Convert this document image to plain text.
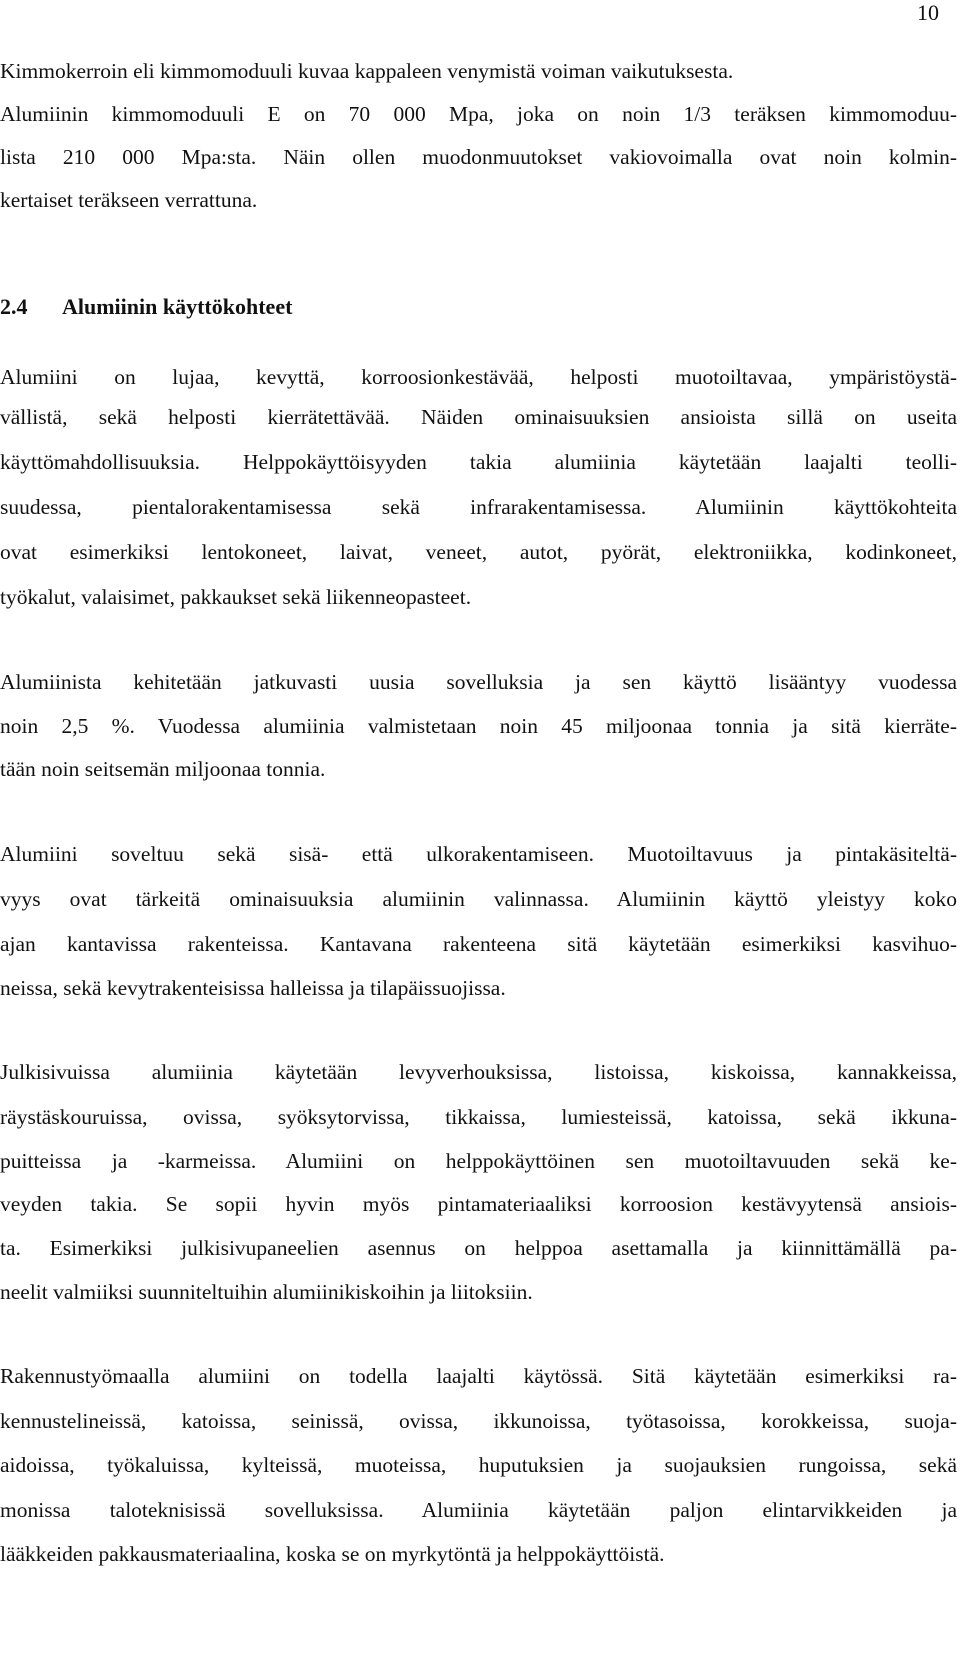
10
Kimmokerroin eli kimmomoduuli kuvaa kappaleen venymistä voiman vaikutuksesta.
Alumiinin kimmomoduuli E on 70 000 Mpa, joka on noin 1/3 teräksen kimmomoduu-
lista 210 000 Mpa:sta. Näin ollen muodonmuutokset vakiovoimalla ovat noin kolmin-
kertaiset teräkseen verrattuna.
2.4 Alumiinin käyttökohteet
Alumiini on lujaa, kevyttä, korroosionkestävää, helposti muotoiltavaa, ympäristöystä-
vällistä, sekä helposti kierrätettävää. Näiden ominaisuuksien ansioista sillä on useita
käyttömahdollisuuksia. Helppokäyttöisyyden takia alumiinia käytetään laajalti teolli-
suudessa, pientalorakentamisessa sekä infrarakentamisessa. Alumiinin käyttökohteita
ovat esimerkiksi lentokoneet, laivat, veneet, autot, pyörät, elektroniikka, kodinkoneet,
työkalut, valaisimet, pakkaukset sekä liikenneopasteet.
Alumiinista kehitetään jatkuvasti uusia sovelluksia ja sen käyttö lisääntyy vuodessa
noin 2,5 %. Vuodessa alumiinia valmistetaan noin 45 miljoonaa tonnia ja sitä kierräte-
tään noin seitsemän miljoonaa tonnia.
Alumiini soveltuu sekä sisä- että ulkorakentamiseen. Muotoiltavuus ja pintakäsiteltä-
vyys ovat tärkeitä ominaisuuksia alumiinin valinnassa. Alumiinin käyttö yleistyy koko
ajan kantavissa rakenteissa. Kantavana rakenteena sitä käytetään esimerkiksi kasvihuo-
neissa, sekä kevytrakenteisissa halleissa ja tilapäissuojissa.
Julkisivuissa alumiinia käytetään levyverhouksissa, listoissa, kiskoissa, kannakkeissa,
räystäskouruissa, ovissa, syöksytorvissa, tikkaissa, lumiesteissä, katoissa, sekä ikkuna-
puitteissa ja -karmeissa. Alumiini on helppokäyttöinen sen muotoiltavuuden sekä ke-
veyden takia. Se sopii hyvin myös pintamateriaaliksi korroosion kestävyytensä ansiois-
ta. Esimerkiksi julkisivupaneelien asennus on helppoa asettamalla ja kiinnittämällä pa-
neelit valmiiksi suunniteltuihin alumiinikiskoihin ja liitoksiin.
Rakennustyömaalla alumiini on todella laajalti käytössä. Sitä käytetään esimerkiksi ra-
kennustelineissä, katoissa, seinissä, ovissa, ikkunoissa, työtasoissa, korokkeissa, suoja-
aidoissa, työkaluissa, kylteissä, muoteissa, huputuksien ja suojauksien rungoissa, sekä
monissa taloteknisissä sovelluksissa. Alumiinia käytetään paljon elintarvikkeiden ja
lääkkeiden pakkausmateriaalina, koska se on myrkytöntä ja helppokäyttöistä.
